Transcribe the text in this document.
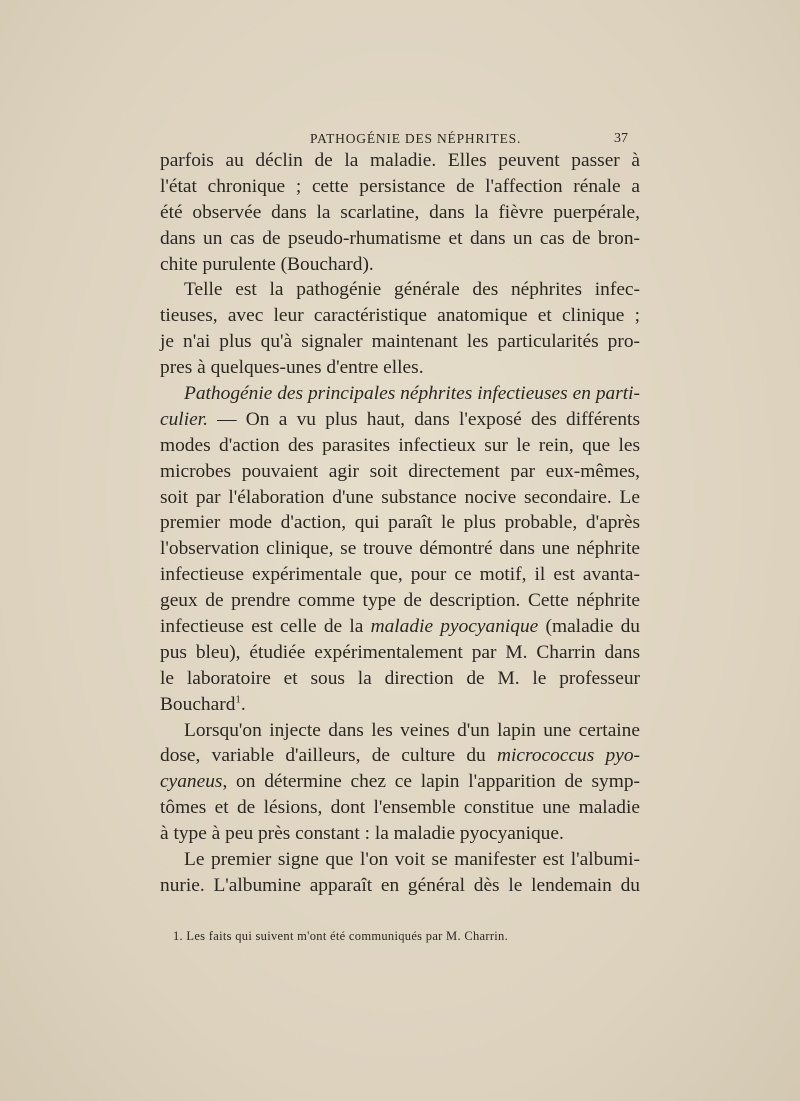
PATHOGÉNIE DES NÉPHRITES.	37
parfois au déclin de la maladie. Elles peuvent passer à
l'état chronique ; cette persistance de l'affection rénale a
été observée dans la scarlatine, dans la fièvre puerpérale,
dans un cas de pseudo-rhumatisme et dans un cas de bron-
chite purulente (Bouchard).
Telle est la pathogénie générale des néphrites infec-
tieuses, avec leur caractéristique anatomique et clinique ;
je n'ai plus qu'à signaler maintenant les particularités pro-
pres à quelques-unes d'entre elles.
Pathogénie des principales néphrites infectieuses en parti-
culier. — On a vu plus haut, dans l'exposé des différents
modes d'action des parasites infectieux sur le rein, que les
microbes pouvaient agir soit directement par eux-mêmes,
soit par l'élaboration d'une substance nocive secondaire. Le
premier mode d'action, qui paraît le plus probable, d'après
l'observation clinique, se trouve démontré dans une néphrite
infectieuse expérimentale que, pour ce motif, il est avanta-
geux de prendre comme type de description. Cette néphrite
infectieuse est celle de la maladie pyocyanique (maladie du
pus bleu), étudiée expérimentalement par M. Charrin dans
le laboratoire et sous la direction de M. le professeur
Bouchard$^1$.
Lorsqu'on injecte dans les veines d'un lapin une certaine
dose, variable d'ailleurs, de culture du micrococcus pyo-
cyaneus, on détermine chez ce lapin l'apparition de symp-
tômes et de lésions, dont l'ensemble constitue une maladie
à type à peu près constant : la maladie pyocyanique.
Le premier signe que l'on voit se manifester est l'albumi-
nurie. L'albumine apparaît en général dès le lendemain du
1. Les faits qui suivent m'ont été communiqués par M. Charrin.
